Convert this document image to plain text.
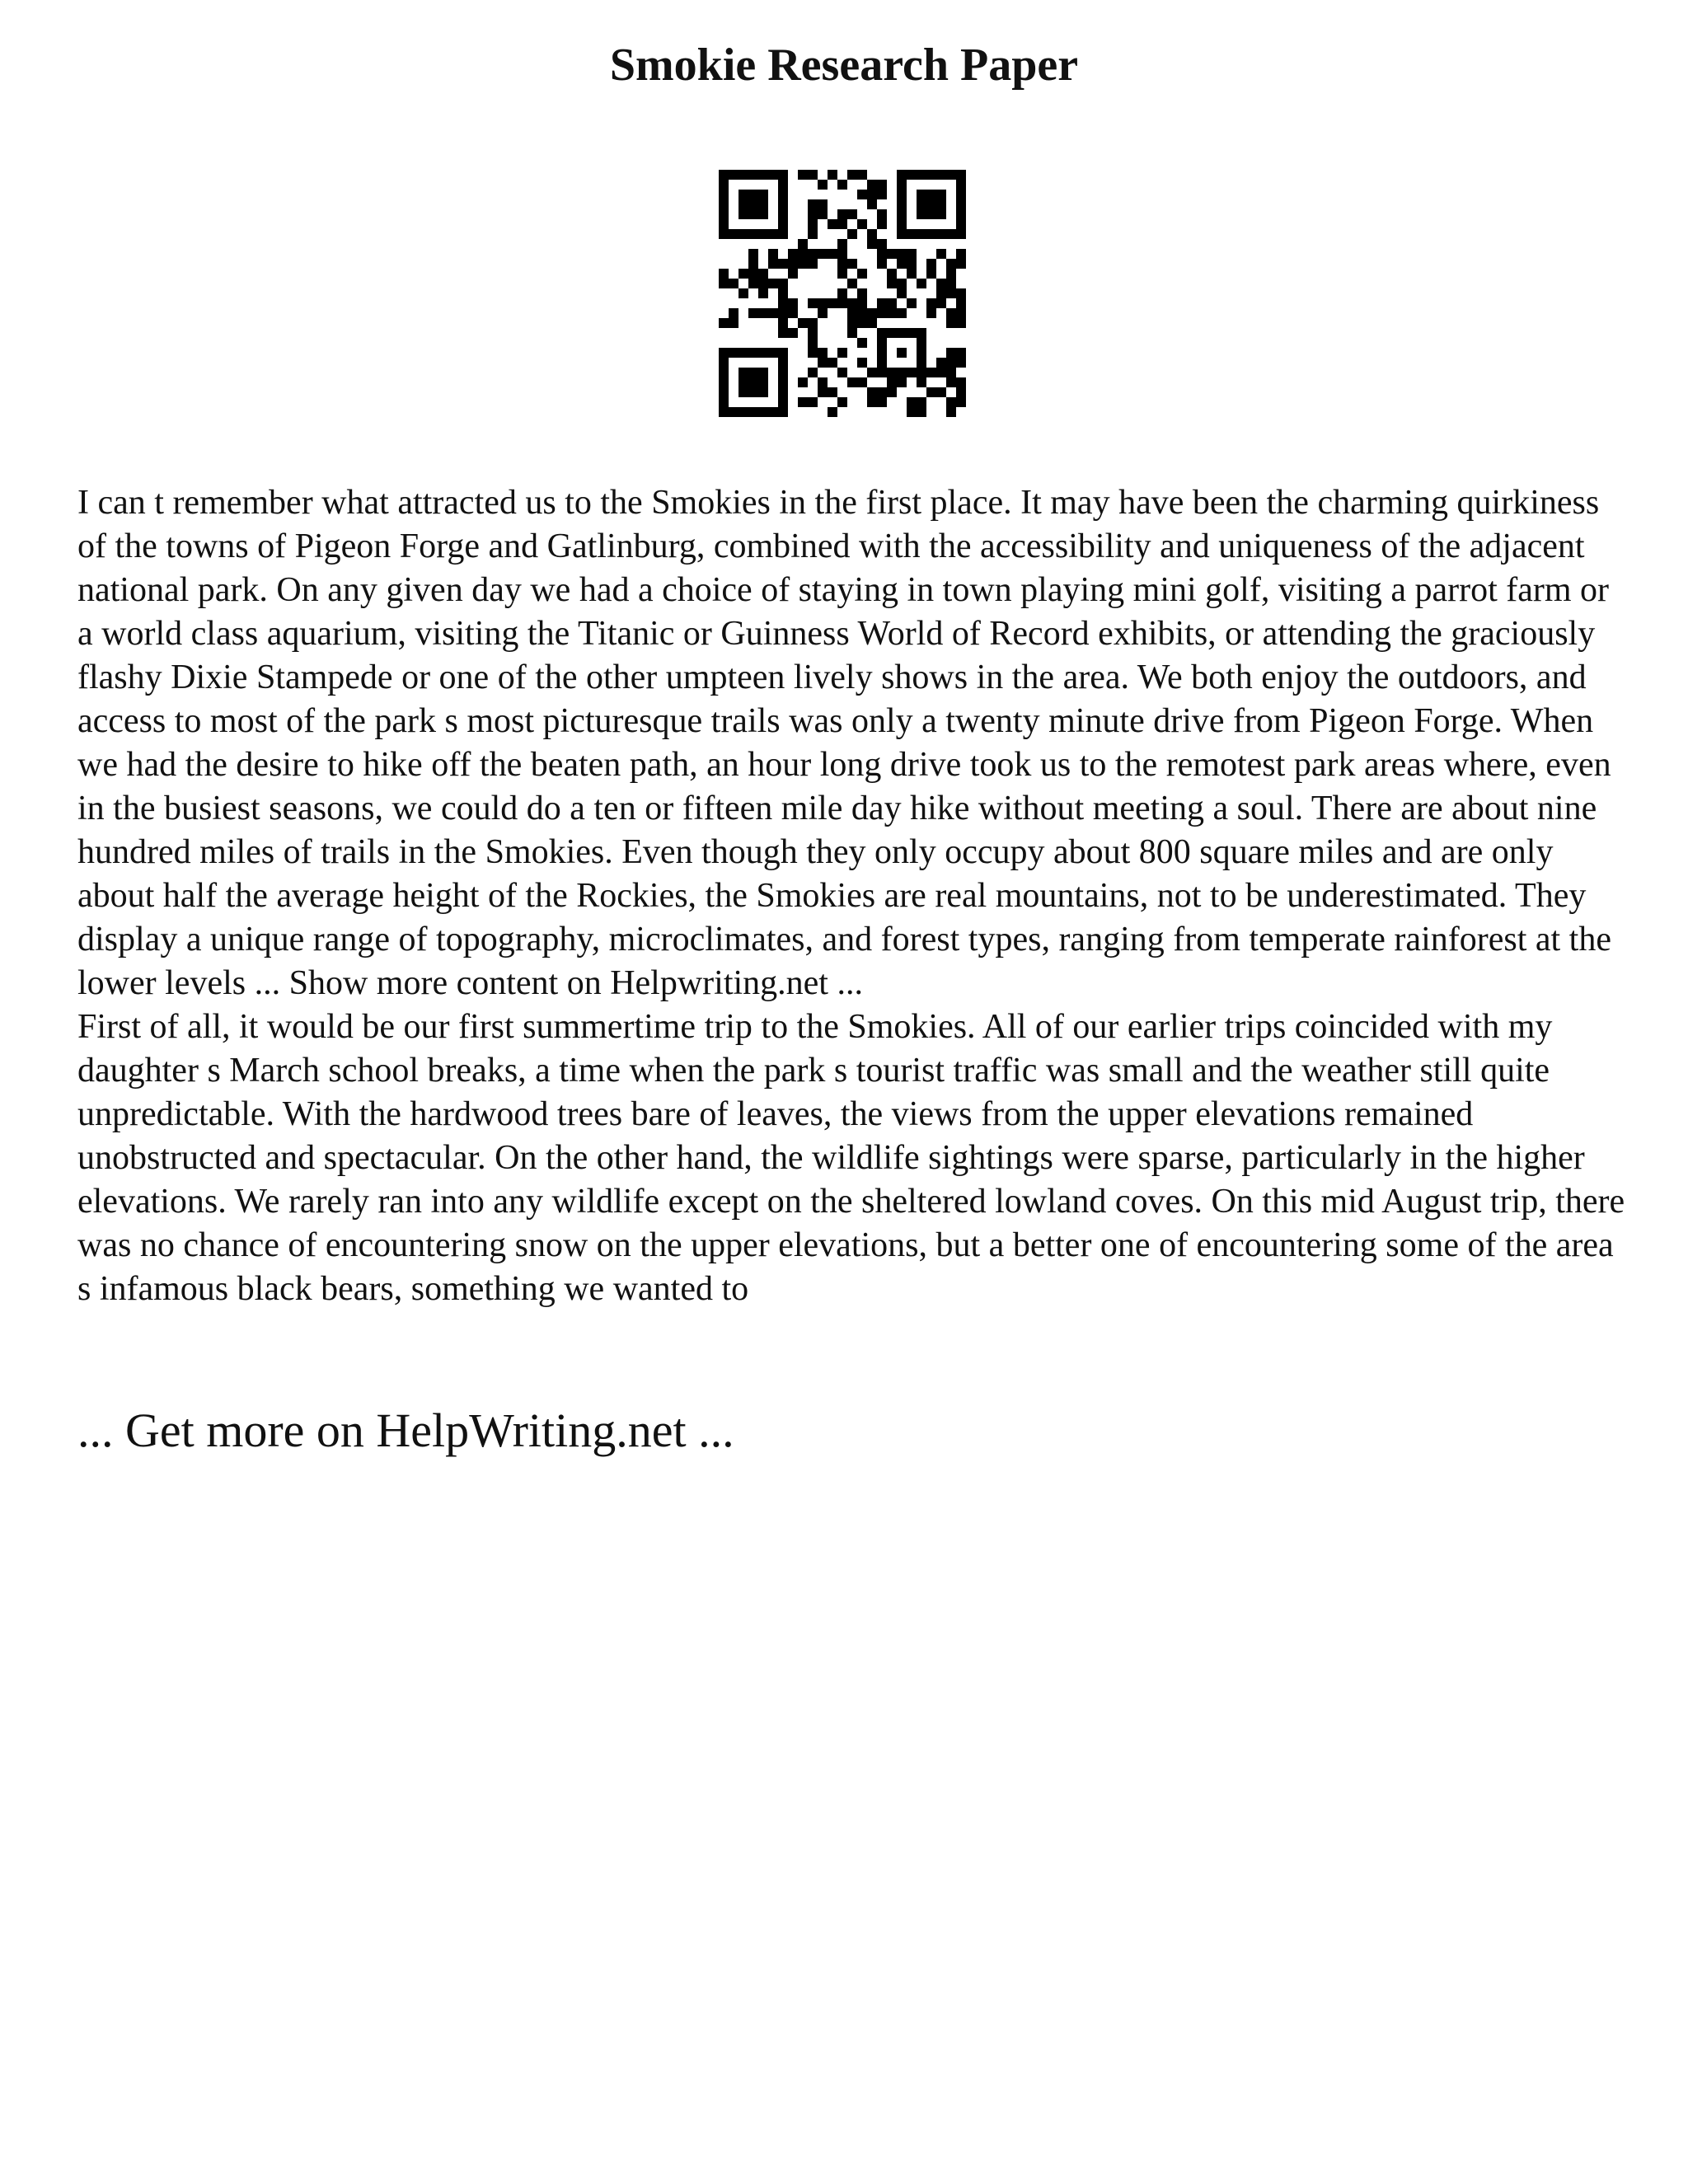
Smokie Research Paper

I can t remember what attracted us to the Smokies in the first place. It may have been the charming quirkiness of the towns of Pigeon Forge and Gatlinburg, combined with the accessibility and uniqueness of the adjacent national park. On any given day we had a choice of staying in town playing mini golf, visiting a parrot farm or a world class aquarium, visiting the Titanic or Guinness World of Record exhibits, or attending the graciously flashy Dixie Stampede or one of the other umpteen lively shows in the area. We both enjoy the outdoors, and access to most of the park s most picturesque trails was only a twenty minute drive from Pigeon Forge. When we had the desire to hike off the beaten path, an hour long drive took us to the remotest park areas where, even in the busiest seasons, we could do a ten or fifteen mile day hike without meeting a soul. There are about nine hundred miles of trails in the Smokies. Even though they only occupy about 800 square miles and are only about half the average height of the Rockies, the Smokies are real mountains, not to be underestimated. They display a unique range of topography, microclimates, and forest types, ranging from temperate rainforest at the lower levels ... Show more content on Helpwriting.net ...

First of all, it would be our first summertime trip to the Smokies. All of our earlier trips coincided with my daughter s March school breaks, a time when the park s tourist traffic was small and the weather still quite unpredictable. With the hardwood trees bare of leaves, the views from the upper elevations remained unobstructed and spectacular. On the other hand, the wildlife sightings were sparse, particularly in the higher elevations. We rarely ran into any wildlife except on the sheltered lowland coves. On this mid August trip, there was no chance of encountering snow on the upper elevations, but a better one of encountering some of the area s infamous black bears, something we wanted to

... Get more on HelpWriting.net ...
